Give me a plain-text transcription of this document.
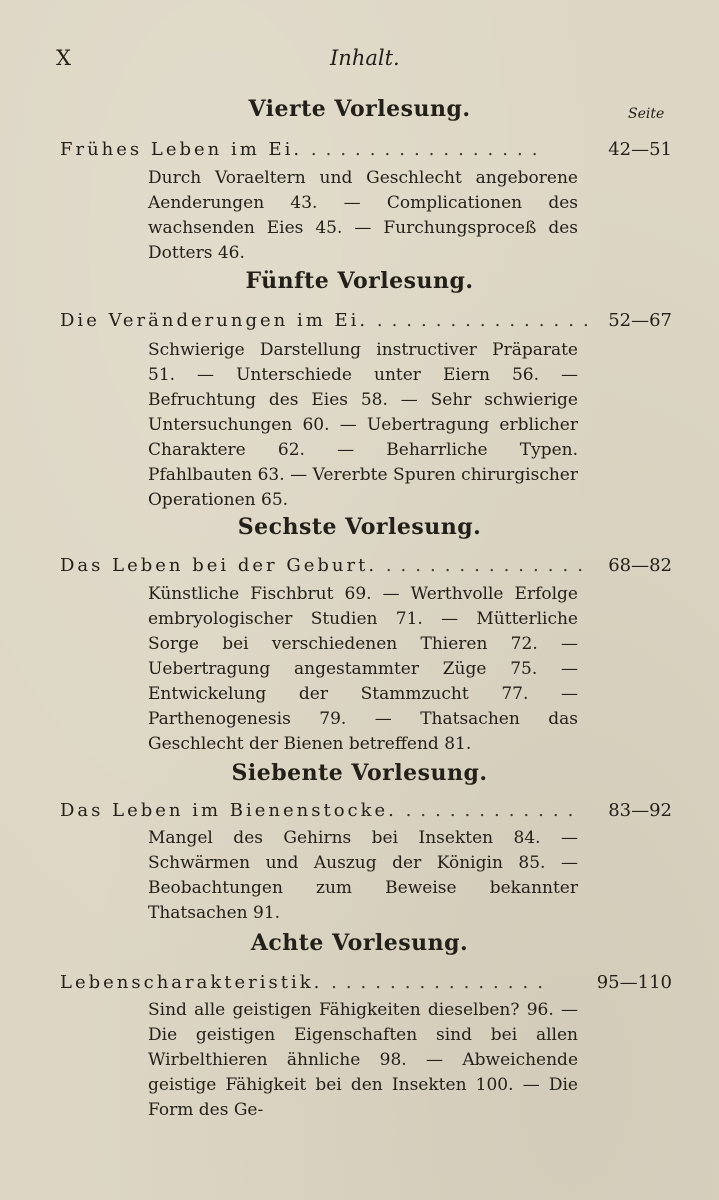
X	Inhalt.
Seite
Vierte Vorlesung.
Frühes Leben im Ei. ................	42—51
Durch Voraeltern und Geschlecht angeborene Aenderungen 43. — Complicationen des wachsenden Eies 45. — Furchungsproceß des Dotters 46.
Fünfte Vorlesung.
Die Veränderungen im Ei. ............... 52—67
Schwierige Darstellung instructiver Präparate 51. — Unterschiede unter Eiern 56. — Befruchtung des Eies 58. — Sehr schwierige Untersuchungen 60. — Uebertragung erblicher Charaktere 62. — Beharrliche Typen. Pfahlbauten 63. — Vererbte Spuren chirurgischer Operationen 65.
Sechste Vorlesung.
Das Leben bei der Geburt. .............. 68—82
Künstliche Fischbrut 69. — Werthvolle Erfolge embryologischer Studien 71. — Mütterliche Sorge bei verschiedenen Thieren 72. — Uebertragung angestammter Züge 75. — Entwickelung der Stammzucht 77. — Parthenogenesis 79. — Thatsachen das Geschlecht der Bienen betreffend 81.
Siebente Vorlesung.
Das Leben im Bienenstocke. ............ 83—92
Mangel des Gehirns bei Insekten 84. — Schwärmen und Auszug der Königin 85. — Beobachtungen zum Beweise bekannter Thatsachen 91.
Achte Vorlesung.
Lebenscharakteristik. ............... 95—110
Sind alle geistigen Fähigkeiten dieselben? 96. — Die geistigen Eigenschaften sind bei allen Wirbelthieren ähnliche 98. — Abweichende geistige Fähigkeit bei den Insekten 100. — Die Form des Ge-
